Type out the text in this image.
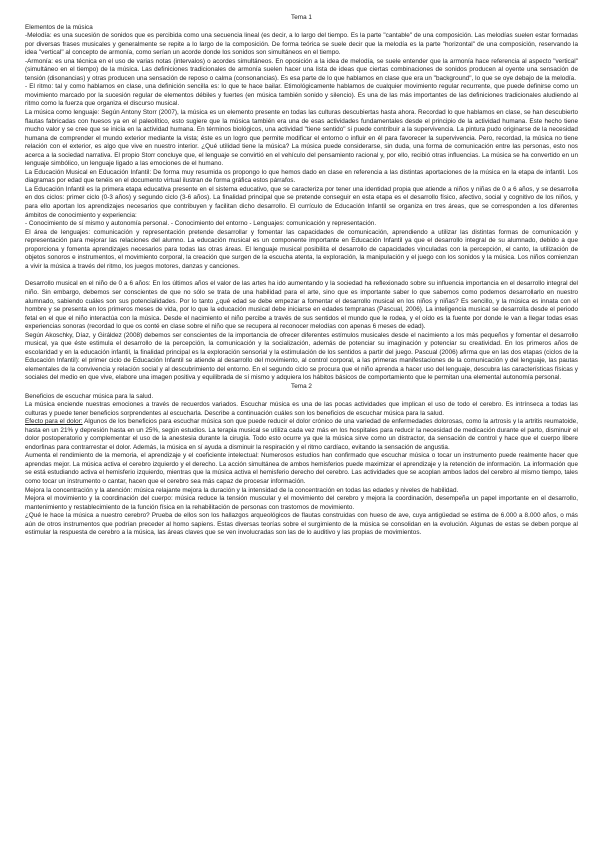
Tema 1

Elementos de la música

-Melodía: es una sucesión de sonidos que es percibida como una secuencia lineal (es decir, a lo largo del tiempo. Es la parte "cantable" de una composición. Las melodías suelen estar formadas por diversas frases musicales y generalmente se repite a lo largo de la composición. De forma teórica se suele decir que la melodía es la parte "horizontal" de una composición, reservando la idea "vertical" al concepto de armonía, como serían un acorde donde los sonidos son simultáneos en el tiempo.

-Armonía: es una técnica en el uso de varias notas (intervalos) o acordes simultáneos. En oposición a la idea de melodía, se suele entender que la armonía hace referencia al aspecto "vertical" (simultáneo en el tiempo) de la música. Las definiciones tradicionales de armonía suelen hacer una lista de ideas que ciertas combinaciones de sonidos producen al oyente una sensación de tensión (disonancias) y otras producen una sensación de reposo o calma (consonancias). Es esa parte de lo que hablamos en clase que era un "background", lo que se oye debajo de la melodía.

- El ritmo: tal y como hablamos en clase, una definición sencilla es: lo que te hace bailar. Etimológicamente hablamos de cualquier movimiento regular recurrente, que puede definirse como un movimiento marcado por la sucesión regular de elementos débiles y fuertes (en música también sonido y silencio). Es una de las más importantes de las definiciones tradicionales aludiendo al ritmo como la fuerza que organiza el discurso musical.

La música como lenguaje: Según Antony Storr (2007), la música es un elemento presente en todas las culturas descubiertas hasta ahora. Recordad lo que hablamos en clase, se han descubierto flautas fabricadas con huesos ya en el paleolítico, esto sugiere que la música también era una de esas actividades fundamentales desde el principio de la actividad humana. Este hecho tiene mucho valor y se cree que se inicia en la actividad humana. En términos biológicos, una actividad "tiene sentido" si puede contribuir a la supervivencia. La pintura pudo originarse de la necesidad humana de comprender el mundo exterior mediante la vista; éste es un logro que permite modificar el entorno o influir en él para favorecer la supervivencia. Pero, recordad, la música no tiene relación con el exterior, es algo que vive en nuestro interior. ¿Qué utilidad tiene la música? La música puede considerarse, sin duda, una forma de comunicación entre las personas, esto nos acerca a la sociedad narrativa. El propio Storr concluye que, el lenguaje se convirtió en el vehículo del pensamiento racional y, por ello, recibió otras influencias. La música se ha convertido en un lenguaje simbólico, un lenguaje ligado a las emociones de el humano.

La Educación Musical en Educación Infantil: De forma muy resumida os propongo lo que hemos dado en clase en referencia a las distintas aportaciones de la música en la etapa de infantil. Los diagramas por edad que tenéis en el documento virtual ilustran de forma gráfica estos párrafos.

La Educación Infantil es la primera etapa educativa presente en el sistema educativo, que se caracteriza por tener una identidad propia que atiende a niños y niñas de 0 a 6 años, y se desarrolla en dos ciclos: primer ciclo (0-3 años) y segundo ciclo (3-6 años). La finalidad principal que se pretende conseguir en esta etapa es el desarrollo físico, afectivo, social y cognitivo de los niños, y para ello aportan los aprendizajes necesarios que contribuyen y facilitan dicho desarrollo. El currículo de Educación Infantil se organiza en tres áreas, que se corresponden a los diferentes ámbitos de conocimiento y experiencia:

- Conocimiento de sí mismo y autonomía personal. - Conocimiento del entorno - Lenguajes: comunicación y representación.

El área de lenguajes: comunicación y representación pretende desarrollar y fomentar las capacidades de comunicación, aprendiendo a utilizar las distintas formas de comunicación y representación para mejorar las relaciones del alumno. La educación musical es un componente importante en Educación Infantil ya que el desarrollo integral de su alumnado, debido a que proporciona y fomenta aprendizajes necesarios para todas las otras áreas. El lenguaje musical posibilita el desarrollo de capacidades vinculadas con la percepción, el canto, la utilización de objetos sonoros e instrumentos, el movimiento corporal, la creación que surgen de la escucha atenta, la exploración, la manipulación y el juego con los sonidos y la música. Los niños comienzan a vivir la música a través del ritmo, los juegos motores, danzas y canciones.

Desarrollo musical en el niño de 0 a 6 años: En los últimos años el valor de las artes ha ido aumentando y la sociedad ha reflexionado sobre su influencia importancia en el desarrollo integral del niño. Sin embargo, debemos ser conscientes de que no sólo se trata de una habilidad para el arte, sino que es importante saber lo que sabemos como podemos desarrollarlo en nuestro alumnado, sabiendo cuáles son sus potencialidades. Por lo tanto ¿qué edad se debe empezar a fomentar el desarrollo musical en los niños y niñas? Es sencillo, y la música es innata con el hombre y se presenta en los primeros meses de vida, por lo que la educación musical debe iniciarse en edades tempranas (Pascual, 2006). La inteligencia musical se desarrolla desde el periodo fetal en el que el niño interactúa con la música. Desde el nacimiento el niño percibe a través de sus sentidos el mundo que le rodea, y el oído es la fuente por donde le van a llegar todas esas experiencias sonoras (recordad lo que os conté en clase sobre el niño que se recupera al reconocer melodías con apenas 6 meses de edad).

Según Akoschky, Díaz, y Giráldez (2008) debemos ser conscientes de la importancia de ofrecer diferentes estímulos musicales desde el nacimiento a los más pequeños y fomentar el desarrollo musical, ya que éste estimula el desarrollo de la percepción, la comunicación y la socialización, además de potenciar su imaginación y potenciar su creatividad. En los primeros años de escolaridad y en la educación infantil, la finalidad principal es la exploración sensorial y la estimulación de los sentidos a partir del juego. Pascual (2006) afirma que en las dos etapas (ciclos de la Educación Infantil): el primer ciclo de Educación Infantil se atiende al desarrollo del movimiento, al control corporal, a las primeras manifestaciones de la comunicación y del lenguaje, las pautas elementales de la convivencia y relación social y al descubrimiento del entorno. En el segundo ciclo se procura que el niño aprenda a hacer uso del lenguaje, descubra las características físicas y sociales del medio en que vive, elabore una imagen positiva y equilibrada de sí mismo y adquiera los hábitos básicos de comportamiento que le permitan una elemental autonomía personal.

Tema 2

Beneficios de escuchar música para la salud.

La música enciende nuestras emociones a través de recuerdos variados. Escuchar música es una de las pocas actividades que implican el uso de todo el cerebro. Es intrínseca a todas las culturas y puede tener beneficios sorprendentes al escucharla. Describe a continuación cuáles son los beneficios de escuchar música para la salud.

Efecto para el dolor: Algunos de los beneficios para escuchar música son que puede reducir el dolor crónico de una variedad de enfermedades dolorosas, como la artrosis y la artritis reumatoide, hasta en un 21% y depresión hasta en un 25%, según estudios. La terapia musical se utiliza cada vez más en los hospitales para reducir la necesidad de medicación durante el parto, disminuir el dolor postoperatorio y complementar el uso de la anestesia durante la cirugía. Todo esto ocurre ya que la música sirve como un distractor, da sensación de control y hace que el cuerpo libere endorfinas para contrarrestar el dolor. Además, la música en sí ayuda a disminuir la respiración y el ritmo cardíaco, evitando la sensación de angustia.

Aumenta el rendimiento de la memoria, el aprendizaje y el coeficiente intelectual: Numerosos estudios han confirmado que escuchar música o tocar un instrumento puede realmente hacer que aprendas mejor. La música activa el cerebro izquierdo y el derecho. La acción simultánea de ambos hemisferios puede maximizar el aprendizaje y la retención de información. La información que se está estudiando activa el hemisferio izquierdo, mientras que la música activa el hemisferio derecho del cerebro. Las actividades que se acoplan ambos lados del cerebro al mismo tiempo, tales como tocar un instrumento o cantar, hacen que el cerebro sea más capaz de procesar información.

Mejora la concentración y la atención: música relajante mejora la duración y la intensidad de la concentración en todas las edades y niveles de habilidad.

Mejora el movimiento y la coordinación del cuerpo: música reduce la tensión muscular y el movimiento del cerebro y mejora la coordinación, desempeña un papel importante en el desarrollo, mantenimiento y restablecimiento de la función física en la rehabilitación de personas con trastornos de movimiento.

¿Qué le hace la música a nuestro cerebro? Prueba de ellos son los hallazgos arqueológicos de flautas construidas con hueso de ave, cuya antigüedad se estima de 6.000 a 8.000 años, o más aún de otros instrumentos que podrían preceder al homo sapiens. Estas diversas teorías sobre el surgimiento de la música se consolidan en la evolución. Algunas de estas se deben porque al estimular la respuesta de cerebro a la música, las áreas claves que se ven involucradas son las de lo auditivo y las propias de movimientos.
